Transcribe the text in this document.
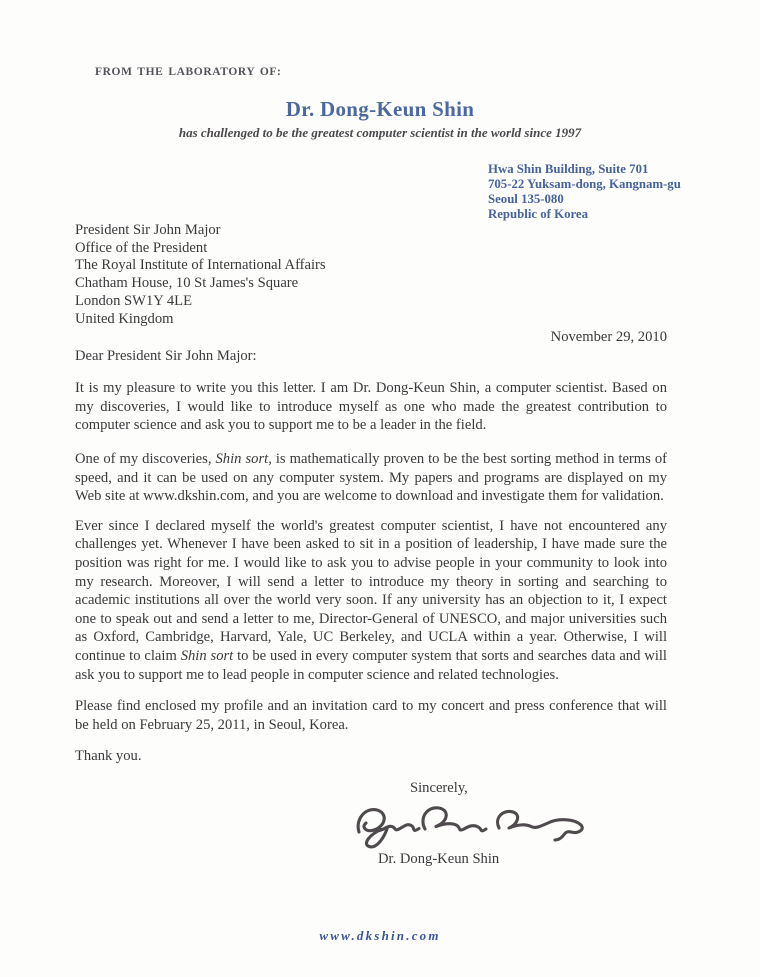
FROM THE LABORATORY OF:
Dr. Dong-Keun Shin
has challenged to be the greatest computer scientist in the world since 1997
Hwa Shin Building, Suite 701
705-22 Yuksam-dong, Kangnam-gu
Seoul 135-080
Republic of Korea
President Sir John Major
Office of the President
The Royal Institute of International Affairs
Chatham House, 10 St James's Square
London SW1Y 4LE
United Kingdom
November 29, 2010
Dear President Sir John Major:

It is my pleasure to write you this letter. I am Dr. Dong-Keun Shin, a computer scientist. Based on my discoveries, I would like to introduce myself as one who made the greatest contribution to computer science and ask you to support me to be a leader in the field.

One of my discoveries, Shin sort, is mathematically proven to be the best sorting method in terms of speed, and it can be used on any computer system. My papers and programs are displayed on my Web site at www.dkshin.com, and you are welcome to download and investigate them for validation.

Ever since I declared myself the world's greatest computer scientist, I have not encountered any challenges yet. Whenever I have been asked to sit in a position of leadership, I have made sure the position was right for me. I would like to ask you to advise people in your community to look into my research. Moreover, I will send a letter to introduce my theory in sorting and searching to academic institutions all over the world very soon. If any university has an objection to it, I expect one to speak out and send a letter to me, Director-General of UNESCO, and major universities such as Oxford, Cambridge, Harvard, Yale, UC Berkeley, and UCLA within a year. Otherwise, I will continue to claim Shin sort to be used in every computer system that sorts and searches data and will ask you to support me to lead people in computer science and related technologies.

Please find enclosed my profile and an invitation card to my concert and press conference that will be held on February 25, 2011, in Seoul, Korea.

Thank you.

Sincerely,

Dr. Dong-Keun Shin

www.dkshin.com
